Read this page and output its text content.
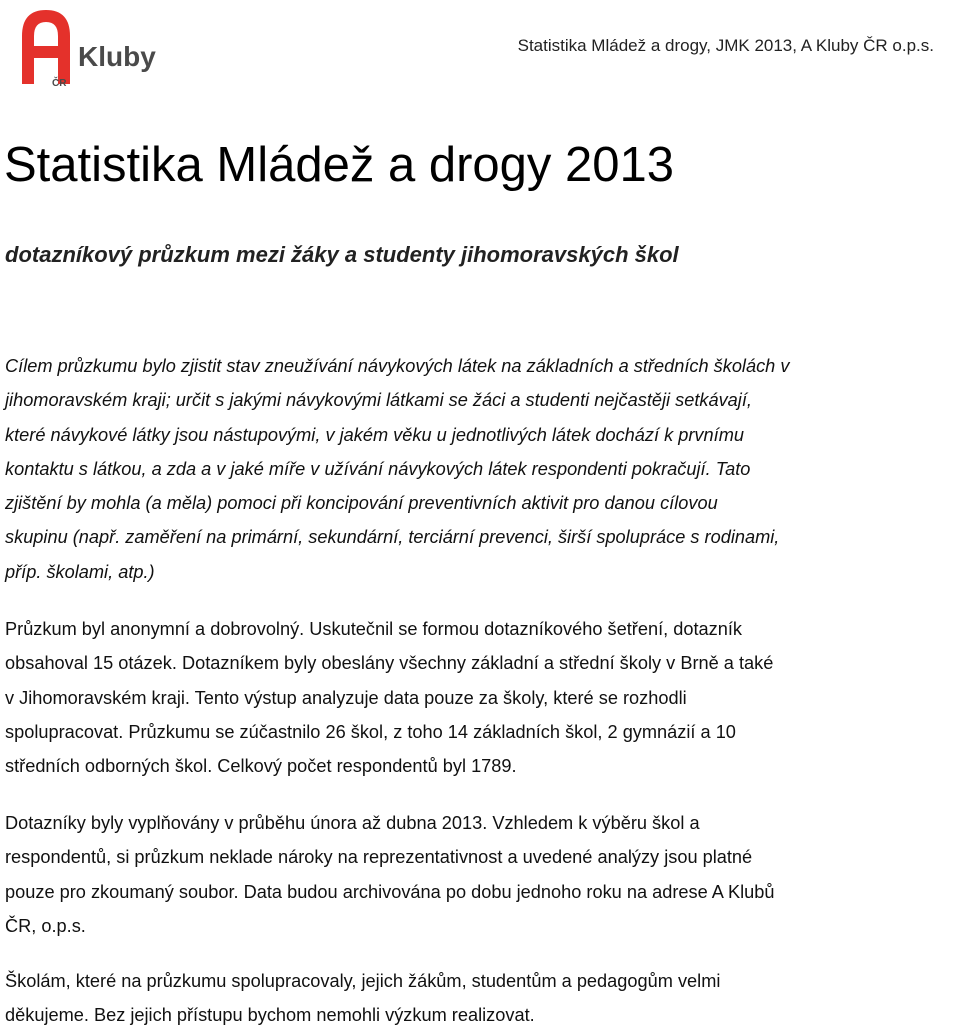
ČR
Kluby	Statistika Mládež a drogy, JMK 2013, A Kluby ČR o.p.s.
Statistika Mládež a drogy 2013
dotazníkový průzkum mezi žáky a studenty jihomoravských škol
Cílem průzkumu bylo zjistit stav zneužívání návykových látek na základních a středních školách v
jihomoravském kraji; určit s jakými návykovými látkami se žáci a studenti nejčastěji setkávají,
které návykové látky jsou nástupovými, v jakém věku u jednotlivých látek dochází k prvnímu
kontaktu s látkou, a zda a v jaké míře v užívání návykových látek respondenti pokračují. Tato
zjištění by mohla (a měla) pomoci při koncipování preventivních aktivit pro danou cílovou
skupinu (např. zaměření na primární, sekundární, terciární prevenci, širší spolupráce s rodinami,
příp. školami, atp.)
Průzkum byl anonymní a dobrovolný. Uskutečnil se formou dotazníkového šetření, dotazník
obsahoval 15 otázek. Dotazníkem byly obeslány všechny základní a střední školy v Brně a také
v Jihomoravském kraji. Tento výstup analyzuje data pouze za školy, které se rozhodli
spolupracovat. Průzkumu se zúčastnilo 26 škol, z toho 14 základních škol, 2 gymnázií a 10
středních odborných škol. Celkový počet respondentů byl 1789.
Dotazníky byly vyplňovány v průběhu února až dubna 2013. Vzhledem k výběru škol a
respondentů, si průzkum neklade nároky na reprezentativnost a uvedené analýzy jsou platné
pouze pro zkoumaný soubor. Data budou archivována po dobu jednoho roku na adrese A Klubů
ČR, o.p.s.
Školám, které na průzkumu spolupracovaly, jejich žákům, studentům a pedagogům velmi
děkujeme. Bez jejich přístupu bychom nemohli výzkum realizovat.
